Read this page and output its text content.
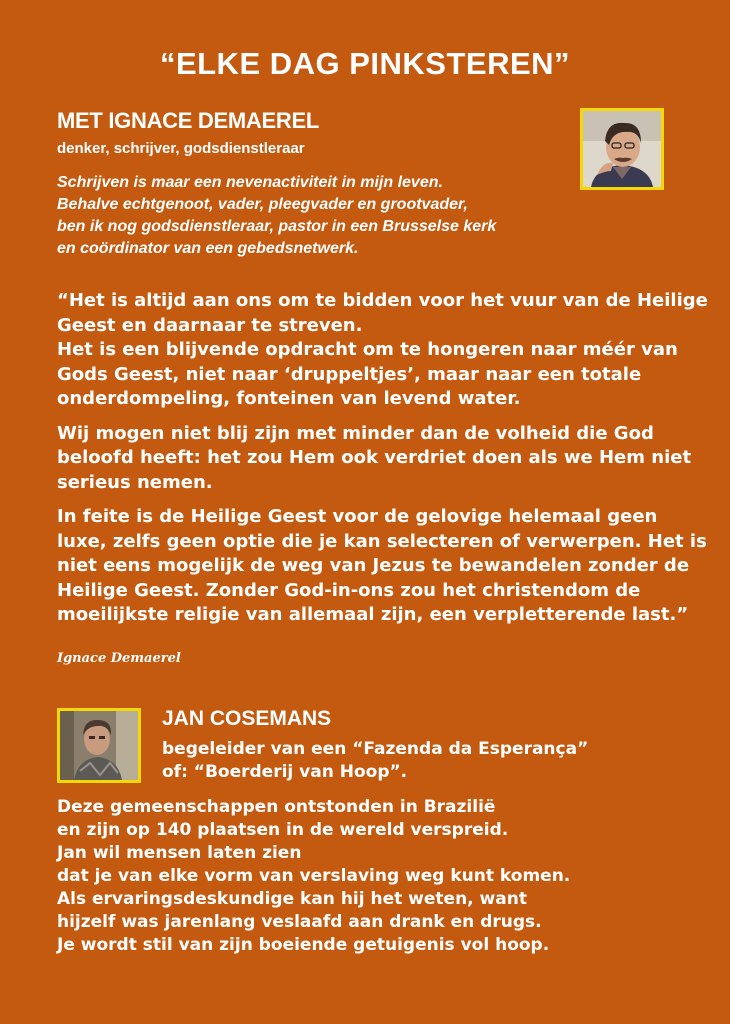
“ELKE DAG PINKSTEREN”
MET IGNACE DEMAEREL
denker, schrijver, godsdienstleraar
Schrijven is maar een nevenactiviteit in mijn leven.
Behalve echtgenoot, vader, pleegvader en grootvader,
ben ik nog godsdienstleraar, pastor in een Brusselse kerk
en coördinator van een gebedsnetwerk.

“Het is altijd aan ons om te bidden voor het vuur van de Heilige
Geest en daarnaar te streven.
Het is een blijvende opdracht om te hongeren naar méér van
Gods Geest, niet naar ‘druppeltjes’, maar naar een totale
onderdompeling, fonteinen van levend water.

Wij mogen niet blij zijn met minder dan de volheid die God
beloofd heeft: het zou Hem ook verdriet doen als we Hem niet
serieus nemen.

In feite is de Heilige Geest voor de gelovige helemaal geen
luxe, zelfs geen optie die je kan selecteren of verwerpen. Het is
niet eens mogelijk de weg van Jezus te bewandelen zonder de
Heilige Geest. Zonder God-in-ons zou het christendom de
moeilijkste religie van allemaal zijn, een verpletterende last.”

Ignace Demaerel
JAN COSEMANS
begeleider van een “Fazenda da Esperança”
of: “Boerderij van Hoop”.
Deze gemeenschappen ontstonden in Brazilië
en zijn op 140 plaatsen in de wereld verspreid.
Jan wil mensen laten zien
dat je van elke vorm van verslaving weg kunt komen.
Als ervaringsdeskundige kan hij het weten, want
hijzelf was jarenlang veslaafd aan drank en drugs.
Je wordt stil van zijn boeiende getuigenis vol hoop.
